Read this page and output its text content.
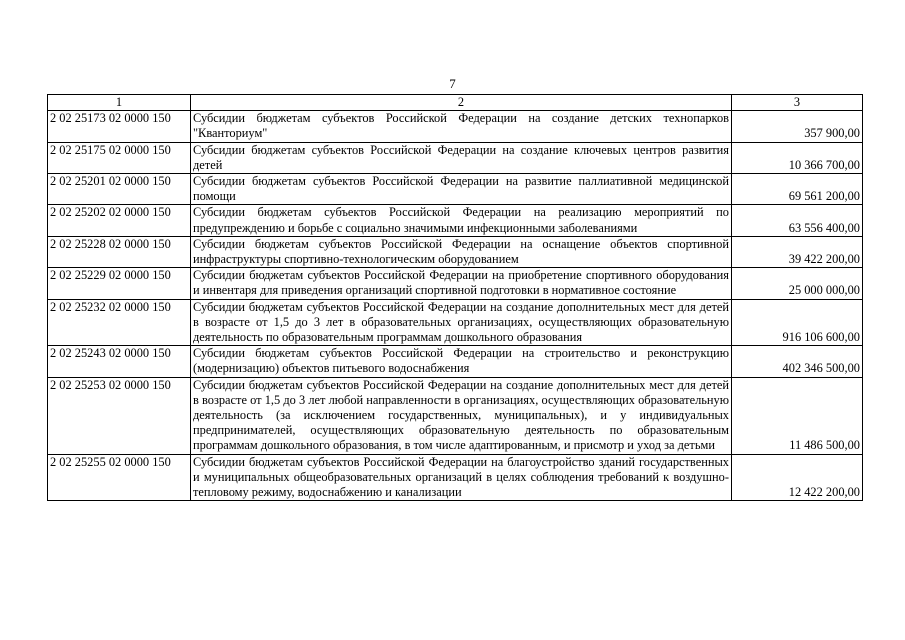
7
1	2	3
2 02 25173 02 0000 150	Субсидии бюджетам субъектов Российской Федерации на создание детских технопарков "Кванториум"	357 900,00
2 02 25175 02 0000 150	Субсидии бюджетам субъектов Российской Федерации на создание ключевых центров развития детей	10 366 700,00
2 02 25201 02 0000 150	Субсидии бюджетам субъектов Российской Федерации на развитие паллиативной медицинской помощи	69 561 200,00
2 02 25202 02 0000 150	Субсидии бюджетам субъектов Российской Федерации на реализацию мероприятий по предупреждению и борьбе с социально значимыми инфекционными заболеваниями	63 556 400,00
2 02 25228 02 0000 150	Субсидии бюджетам субъектов Российской Федерации на оснащение объектов спортивной инфраструктуры спортивно-технологическим оборудованием	39 422 200,00
2 02 25229 02 0000 150	Субсидии бюджетам субъектов Российской Федерации на приобретение спортивного оборудования и инвентаря для приведения организаций спортивной подготовки в нормативное состояние	25 000 000,00
2 02 25232 02 0000 150	Субсидии бюджетам субъектов Российской Федерации на создание дополнительных мест для детей в возрасте от 1,5 до 3 лет в образовательных организациях, осуществляющих образовательную деятельность по образовательным программам дошкольного образования	916 106 600,00
2 02 25243 02 0000 150	Субсидии бюджетам субъектов Российской Федерации на строительство и реконструкцию (модернизацию) объектов питьевого водоснабжения	402 346 500,00
2 02 25253 02 0000 150	Субсидии бюджетам субъектов Российской Федерации на создание дополнительных мест для детей в возрасте от 1,5 до 3 лет любой направленности в организациях, осуществляющих образовательную деятельность (за исключением государственных, муниципальных), и у индивидуальных предпринимателей, осуществляющих образовательную деятельность по образовательным программам дошкольного образования, в том числе адаптированным, и присмотр и уход за детьми	11 486 500,00
2 02 25255 02 0000 150	Субсидии бюджетам субъектов Российской Федерации на благоустройство зданий государственных и муниципальных общеобразовательных организаций в целях соблюдения требований к воздушно-тепловому режиму, водоснабжению и канализации	12 422 200,00
